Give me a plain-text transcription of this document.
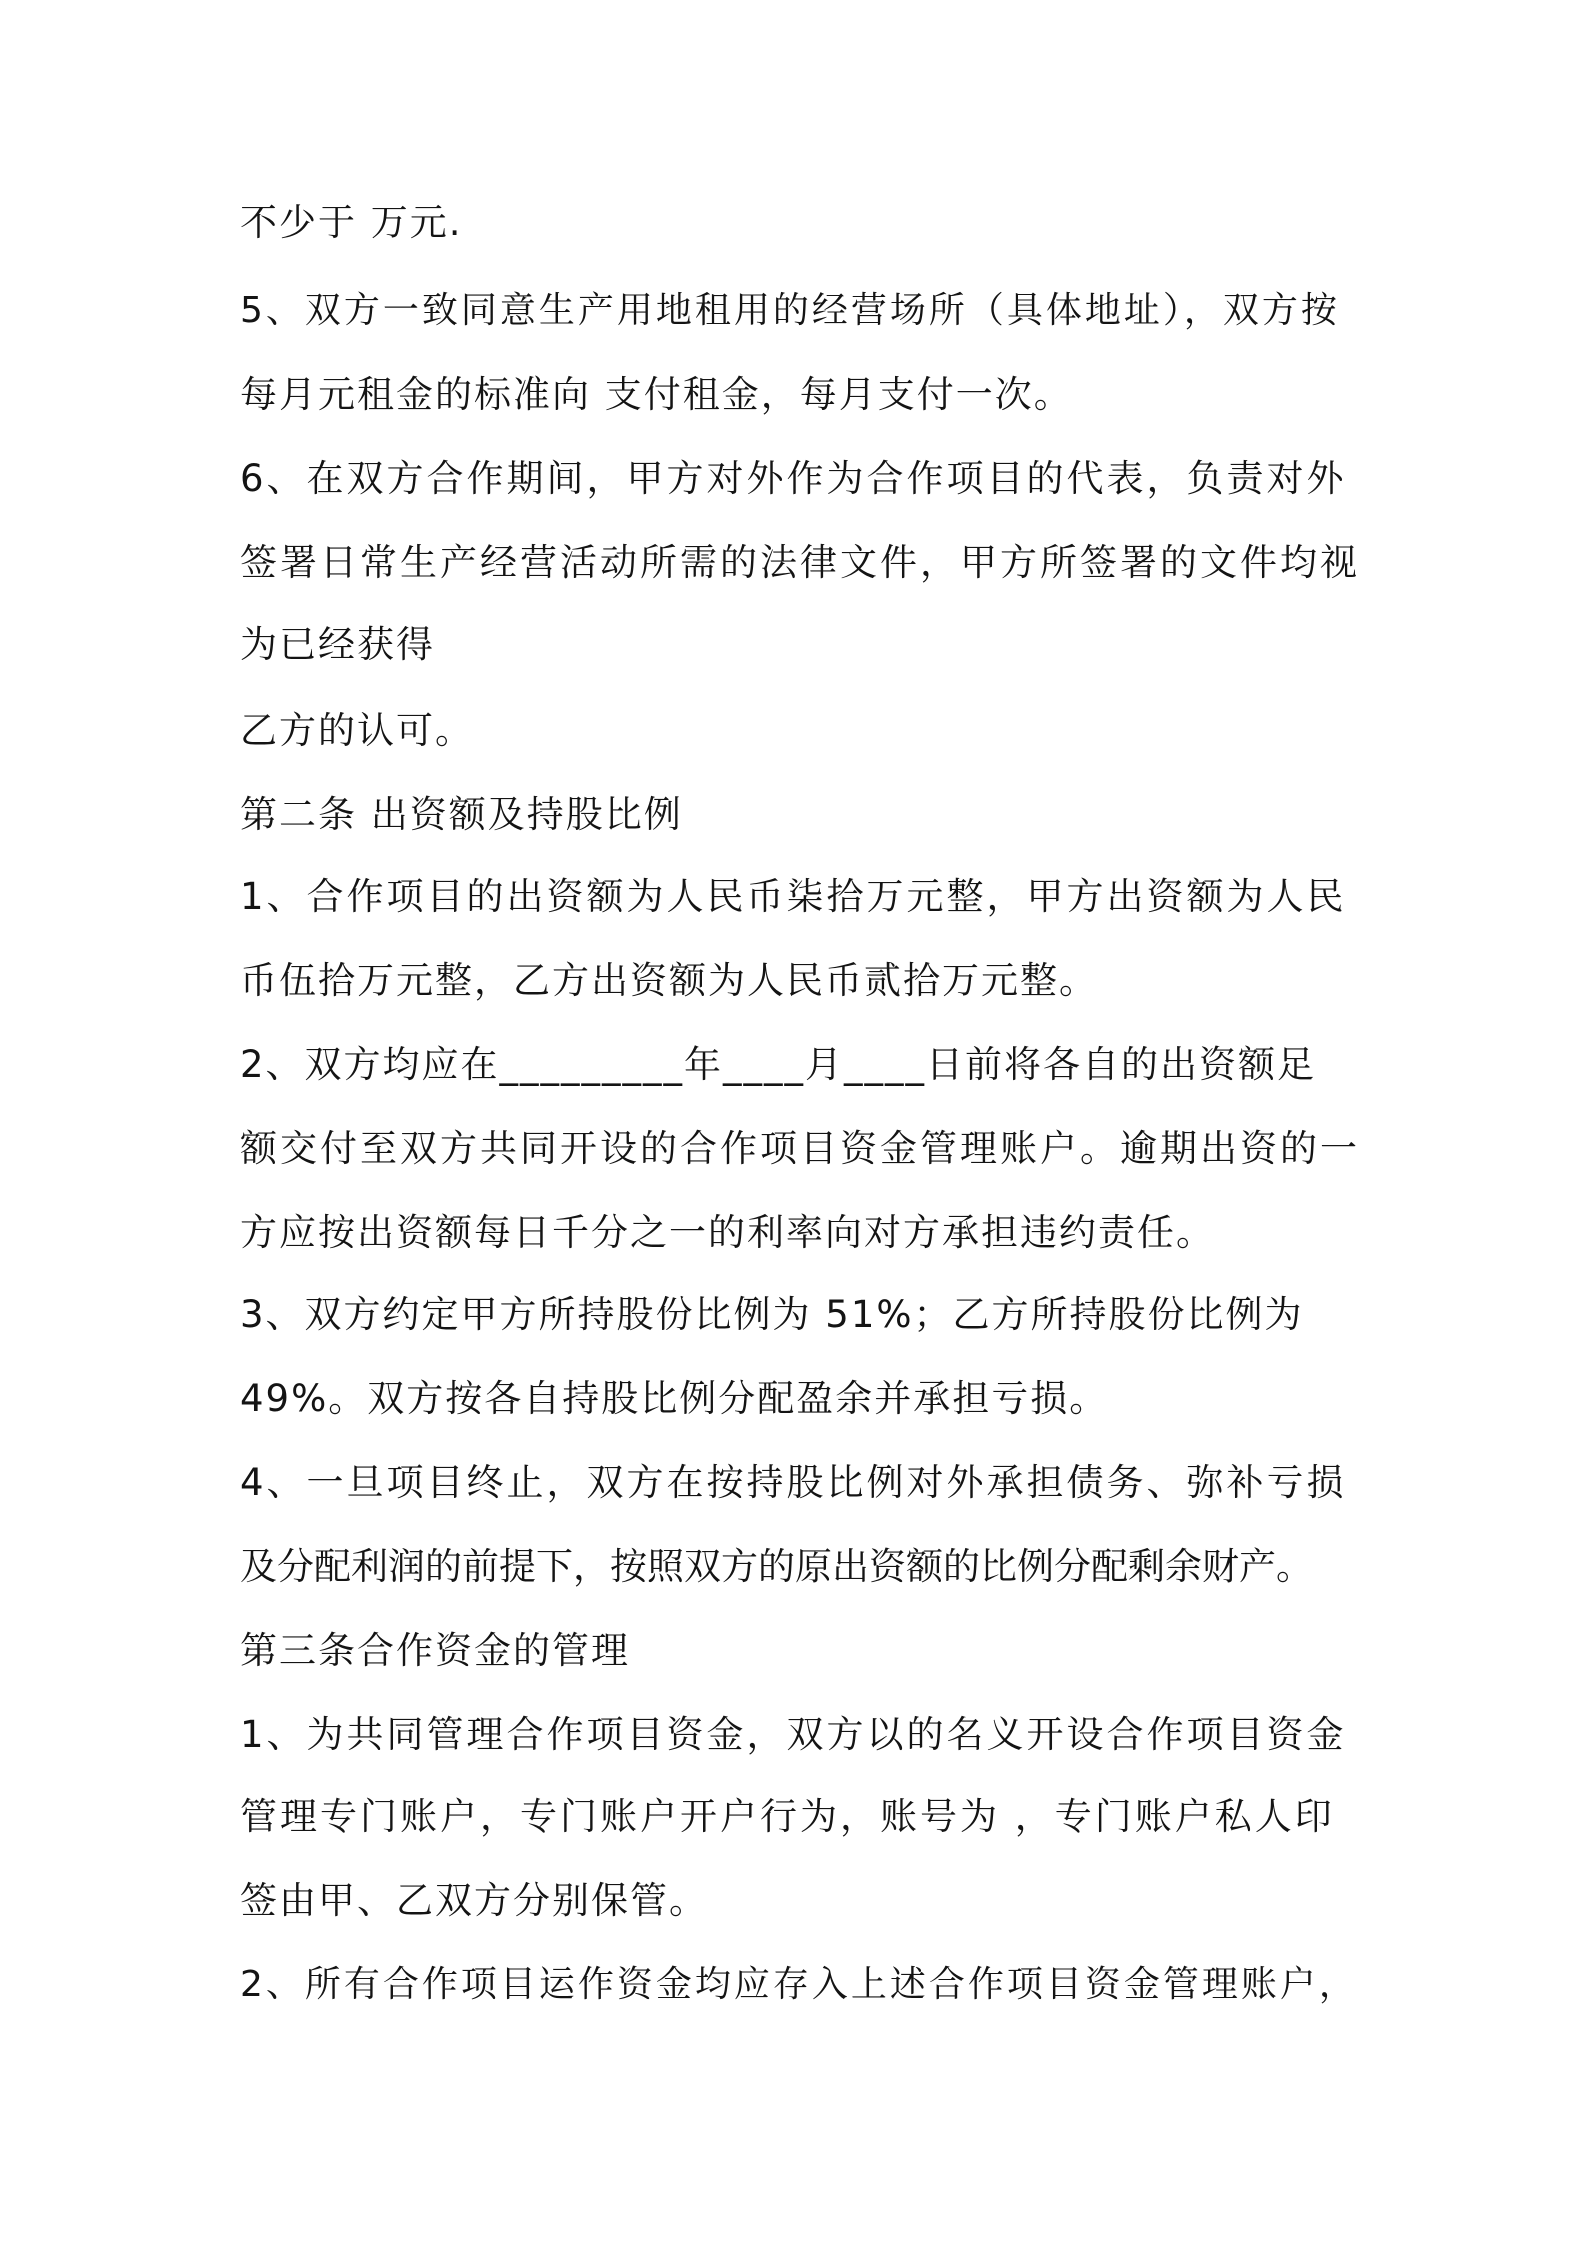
不少于 万元.

5、双方一致同意生产用地租用的经营场所（具体地址），双方按

每月元租金的标准向 支付租金，每月支付一次。

6、在双方合作期间，甲方对外作为合作项目的代表，负责对外

签署日常生产经营活动所需的法律文件，甲方所签署的文件均视

为已经获得

乙方的认可。

第二条 出资额及持股比例

1、合作项目的出资额为人民币柒拾万元整，甲方出资额为人民

币伍拾万元整，乙方出资额为人民币贰拾万元整。

2、双方均应在_________年____月____日前将各自的出资额足

额交付至双方共同开设的合作项目资金管理账户。逾期出资的一

方应按出资额每日千分之一的利率向对方承担违约责任。

3、双方约定甲方所持股份比例为 51%；乙方所持股份比例为

49%。双方按各自持股比例分配盈余并承担亏损。

4、一旦项目终止，双方在按持股比例对外承担债务、弥补亏损

及分配利润的前提下，按照双方的原出资额的比例分配剩余财产。

第三条合作资金的管理

1、为共同管理合作项目资金，双方以的名义开设合作项目资金

管理专门账户，专门账户开户行为，账号为 ，专门账户私人印

签由甲、乙双方分别保管。

2、所有合作项目运作资金均应存入上述合作项目资金管理账户，
